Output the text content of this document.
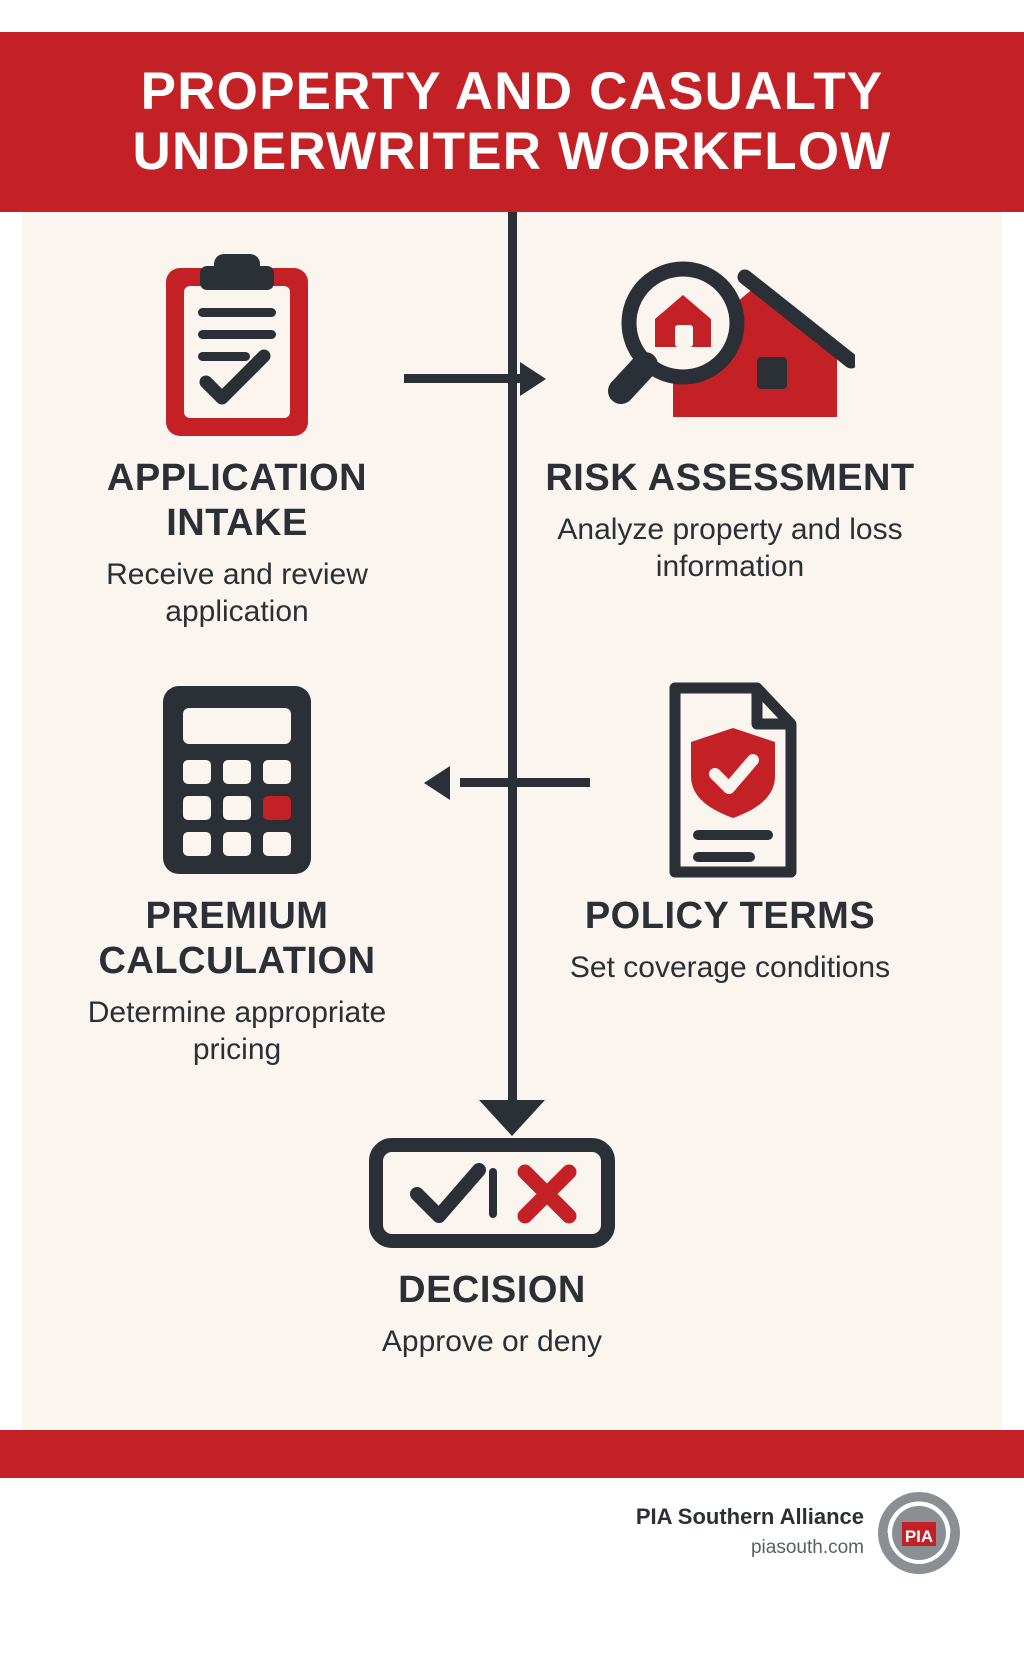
PROPERTY AND CASUALTY UNDERWRITER WORKFLOW
APPLICATION INTAKE
Receive and review application
RISK ASSESSMENT
Analyze property and loss information
PREMIUM CALCULATION
Determine appropriate pricing
POLICY TERMS
Set coverage conditions
DECISION
Approve or deny
PIA Southern Alliance
piasouth.com
PIA
